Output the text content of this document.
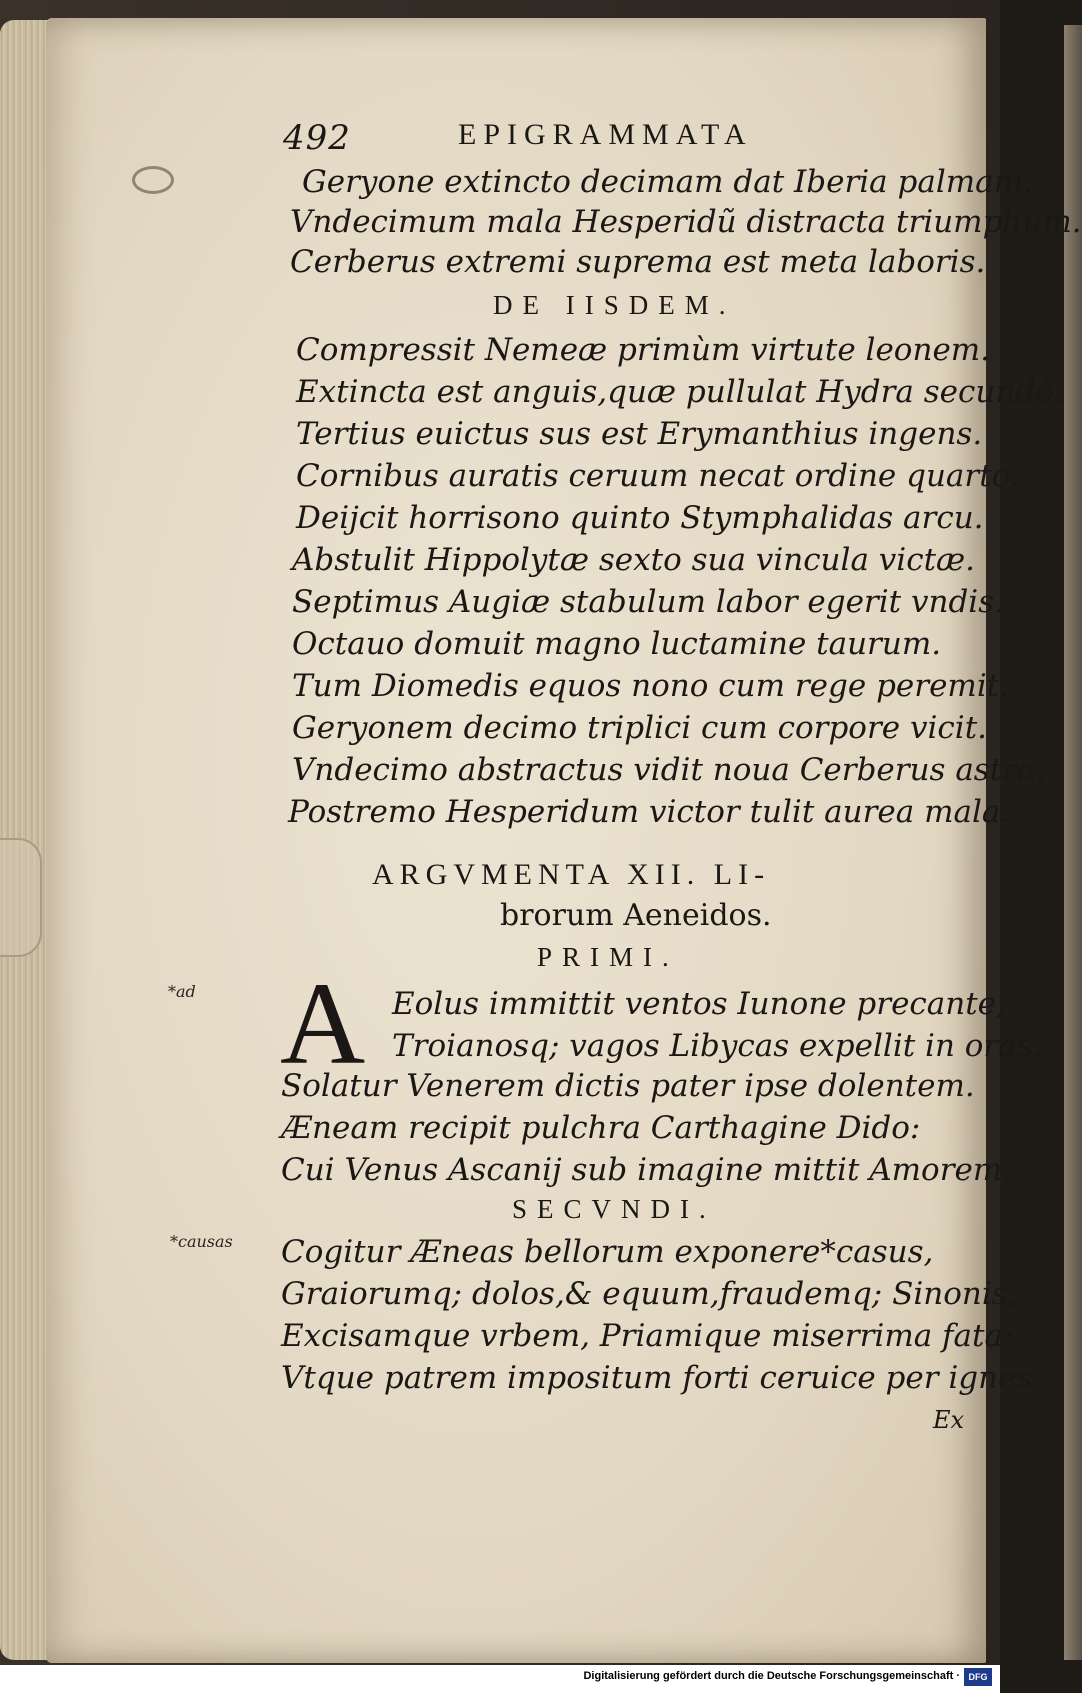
492	EPIGRAMMATA
Geryone extincto decimam dat Iberia palmam.
Vndecimum mala Hesperidũ distracta triumphum.
Cerberus extremi suprema est meta laboris.
DE IISDEM.
Compressit Nemeæ primùm virtute leonem.
Extincta est anguis,quæ pullulat Hydra secundò.
Tertius euictus sus est Erymanthius ingens.
Cornibus auratis ceruum necat ordine quarto.
Deijcit horrisono quinto Stymphalidas arcu.
Abstulit Hippolytæ sexto sua vincula victæ.
Septimus Augiæ stabulum labor egerit vndis.
Octauo domuit magno luctamine taurum.
Tum Diomedis equos nono cum rege peremit.
Geryonem decimo triplici cum corpore vicit.
Vndecimo abstractus vidit noua Cerberus astra.
Postremo Hesperidum victor tulit aurea mala.
ARGVMENTA XII. LI-
brorum Aeneidos.
PRIMI.
*ad A Eolus immittit ventos Iunone precante,
Troianosq; vagos Libycas expellit in oras.
Solatur Venerem dictis pater ipse dolentem.
Æneam recipit pulchra Carthagine Dido:
Cui Venus Ascanij sub imagine mittit Amorem.
SECVNDI.
*causas Cogitur Æneas bellorum exponere*casus,
Graiorumq; dolos,& equum,fraudemq; Sinonis,
Excisamque vrbem, Priamique miserrima fata:
Vtque patrem impositum forti ceruice per ignes
Ex
Digitalisierung gefördert durch die Deutsche Forschungsgemeinschaft · DFG
